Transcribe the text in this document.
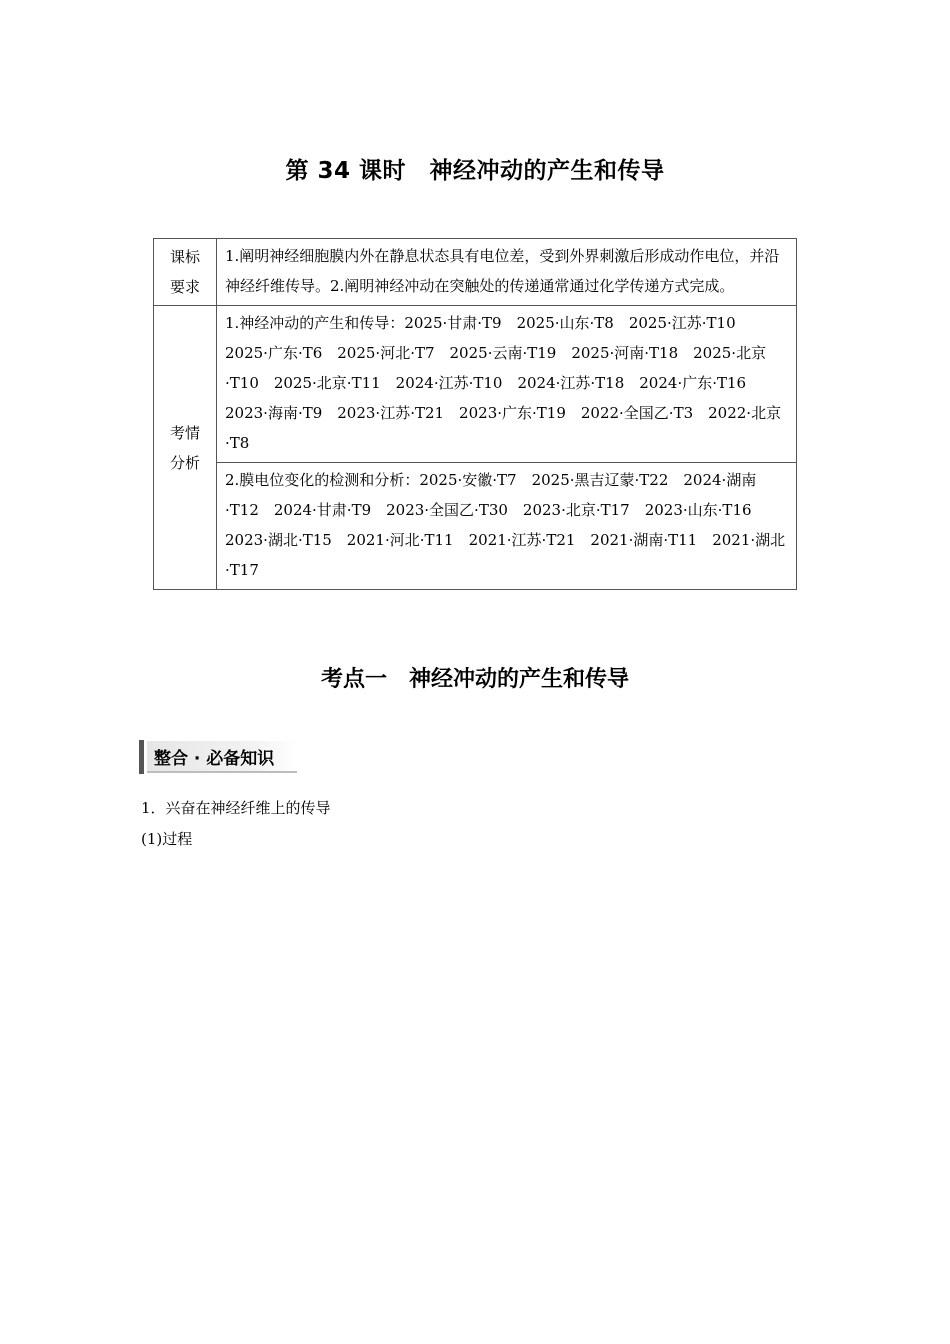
第 34 课时　神经冲动的产生和传导
课标
要求	1.阐明神经细胞膜内外在静息状态具有电位差，受到外界刺激后形成动作电位，并沿神经纤维传导。2.阐明神经冲动在突触处的传递通常通过化学传递方式完成。

考情
分析	1.神经冲动的产生和传导：2025·甘肃·T9　2025·山东·T8　2025·江苏·T10　2025·广东·T6　2025·河北·T7　2025·云南·T19　2025·河南·T18　2025·北京·T10　2025·北京·T11　2024·江苏·T10　2024·江苏·T18　2024·广东·T16　2023·海南·T9　2023·江苏·T21　2023·广东·T19　2022·全国乙·T3　2022·北京·T8

	2.膜电位变化的检测和分析：2025·安徽·T7　2025·黑吉辽蒙·T22　2024·湖南·T12　2024·甘肃·T9　2023·全国乙·T30　2023·北京·T17　2023·山东·T16　2023·湖北·T15　2021·河北·T11　2021·江苏·T21　2021·湖南·T11　2021·湖北·T17
考点一　神经冲动的产生和传导
整合 · 必备知识
1．兴奋在神经纤维上的传导
(1)过程
